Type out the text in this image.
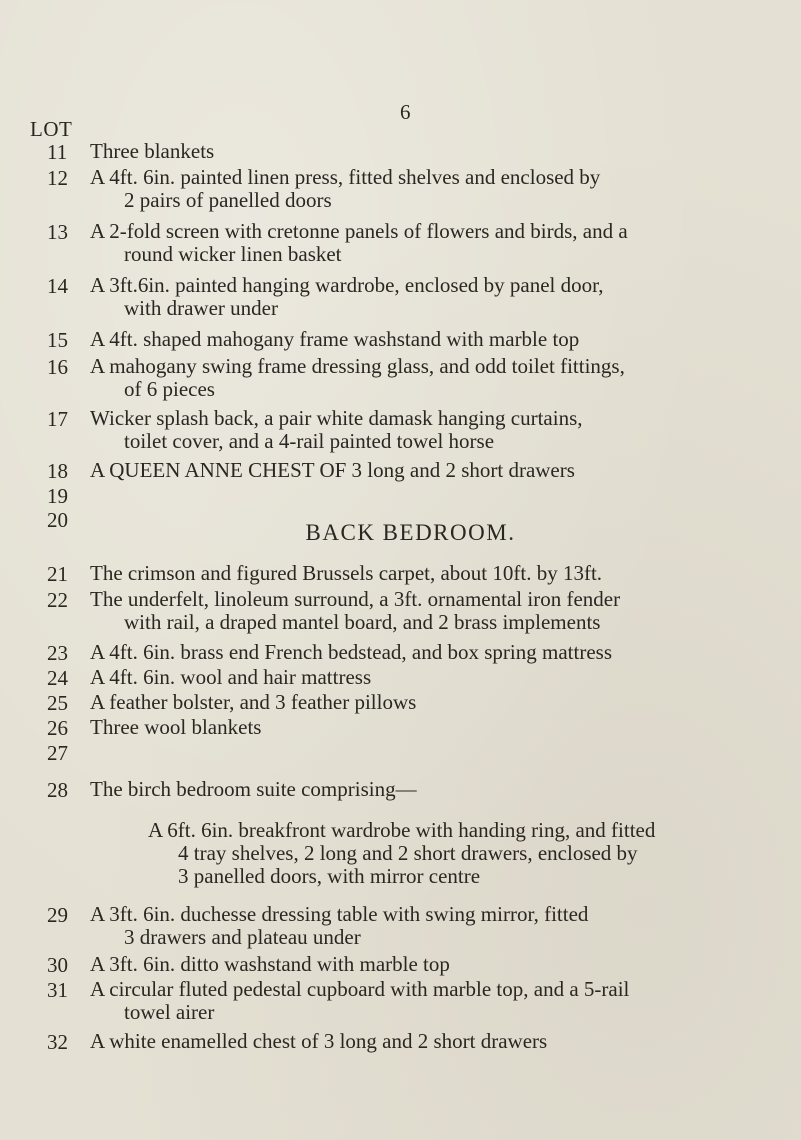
6
LOT
11 Three blankets
12 A 4ft. 6in. painted linen press, fitted shelves and enclosed by
2 pairs of panelled doors
13 A 2-fold screen with cretonne panels of flowers and birds, and a
round wicker linen basket
14 A 3ft.6in. painted hanging wardrobe, enclosed by panel door,
with drawer under
15 A 4ft. shaped mahogany frame washstand with marble top
16 A mahogany swing frame dressing glass, and odd toilet fittings,
of 6 pieces
17 Wicker splash back, a pair white damask hanging curtains,
toilet cover, and a 4-rail painted towel horse
18 A QUEEN ANNE CHEST OF 3 long and 2 short drawers
19
20	BACK BEDROOM.
21 The crimson and figured Brussels carpet, about 10ft. by 13ft.
22 The underfelt, linoleum surround, a 3ft. ornamental iron fender
with rail, a draped mantel board, and 2 brass implements
23 A 4ft. 6in. brass end French bedstead, and box spring mattress
24 A 4ft. 6in. wool and hair mattress
25 A feather bolster, and 3 feather pillows
26 Three wool blankets
27
28 The birch bedroom suite comprising—
A 6ft. 6in. breakfront wardrobe with handing ring, and fitted
4 tray shelves, 2 long and 2 short drawers, enclosed by
3 panelled doors, with mirror centre
29 A 3ft. 6in. duchesse dressing table with swing mirror, fitted
3 drawers and plateau under
30 A 3ft. 6in. ditto washstand with marble top
31 A circular fluted pedestal cupboard with marble top, and a 5-rail
towel airer
32 A white enamelled chest of 3 long and 2 short drawers
